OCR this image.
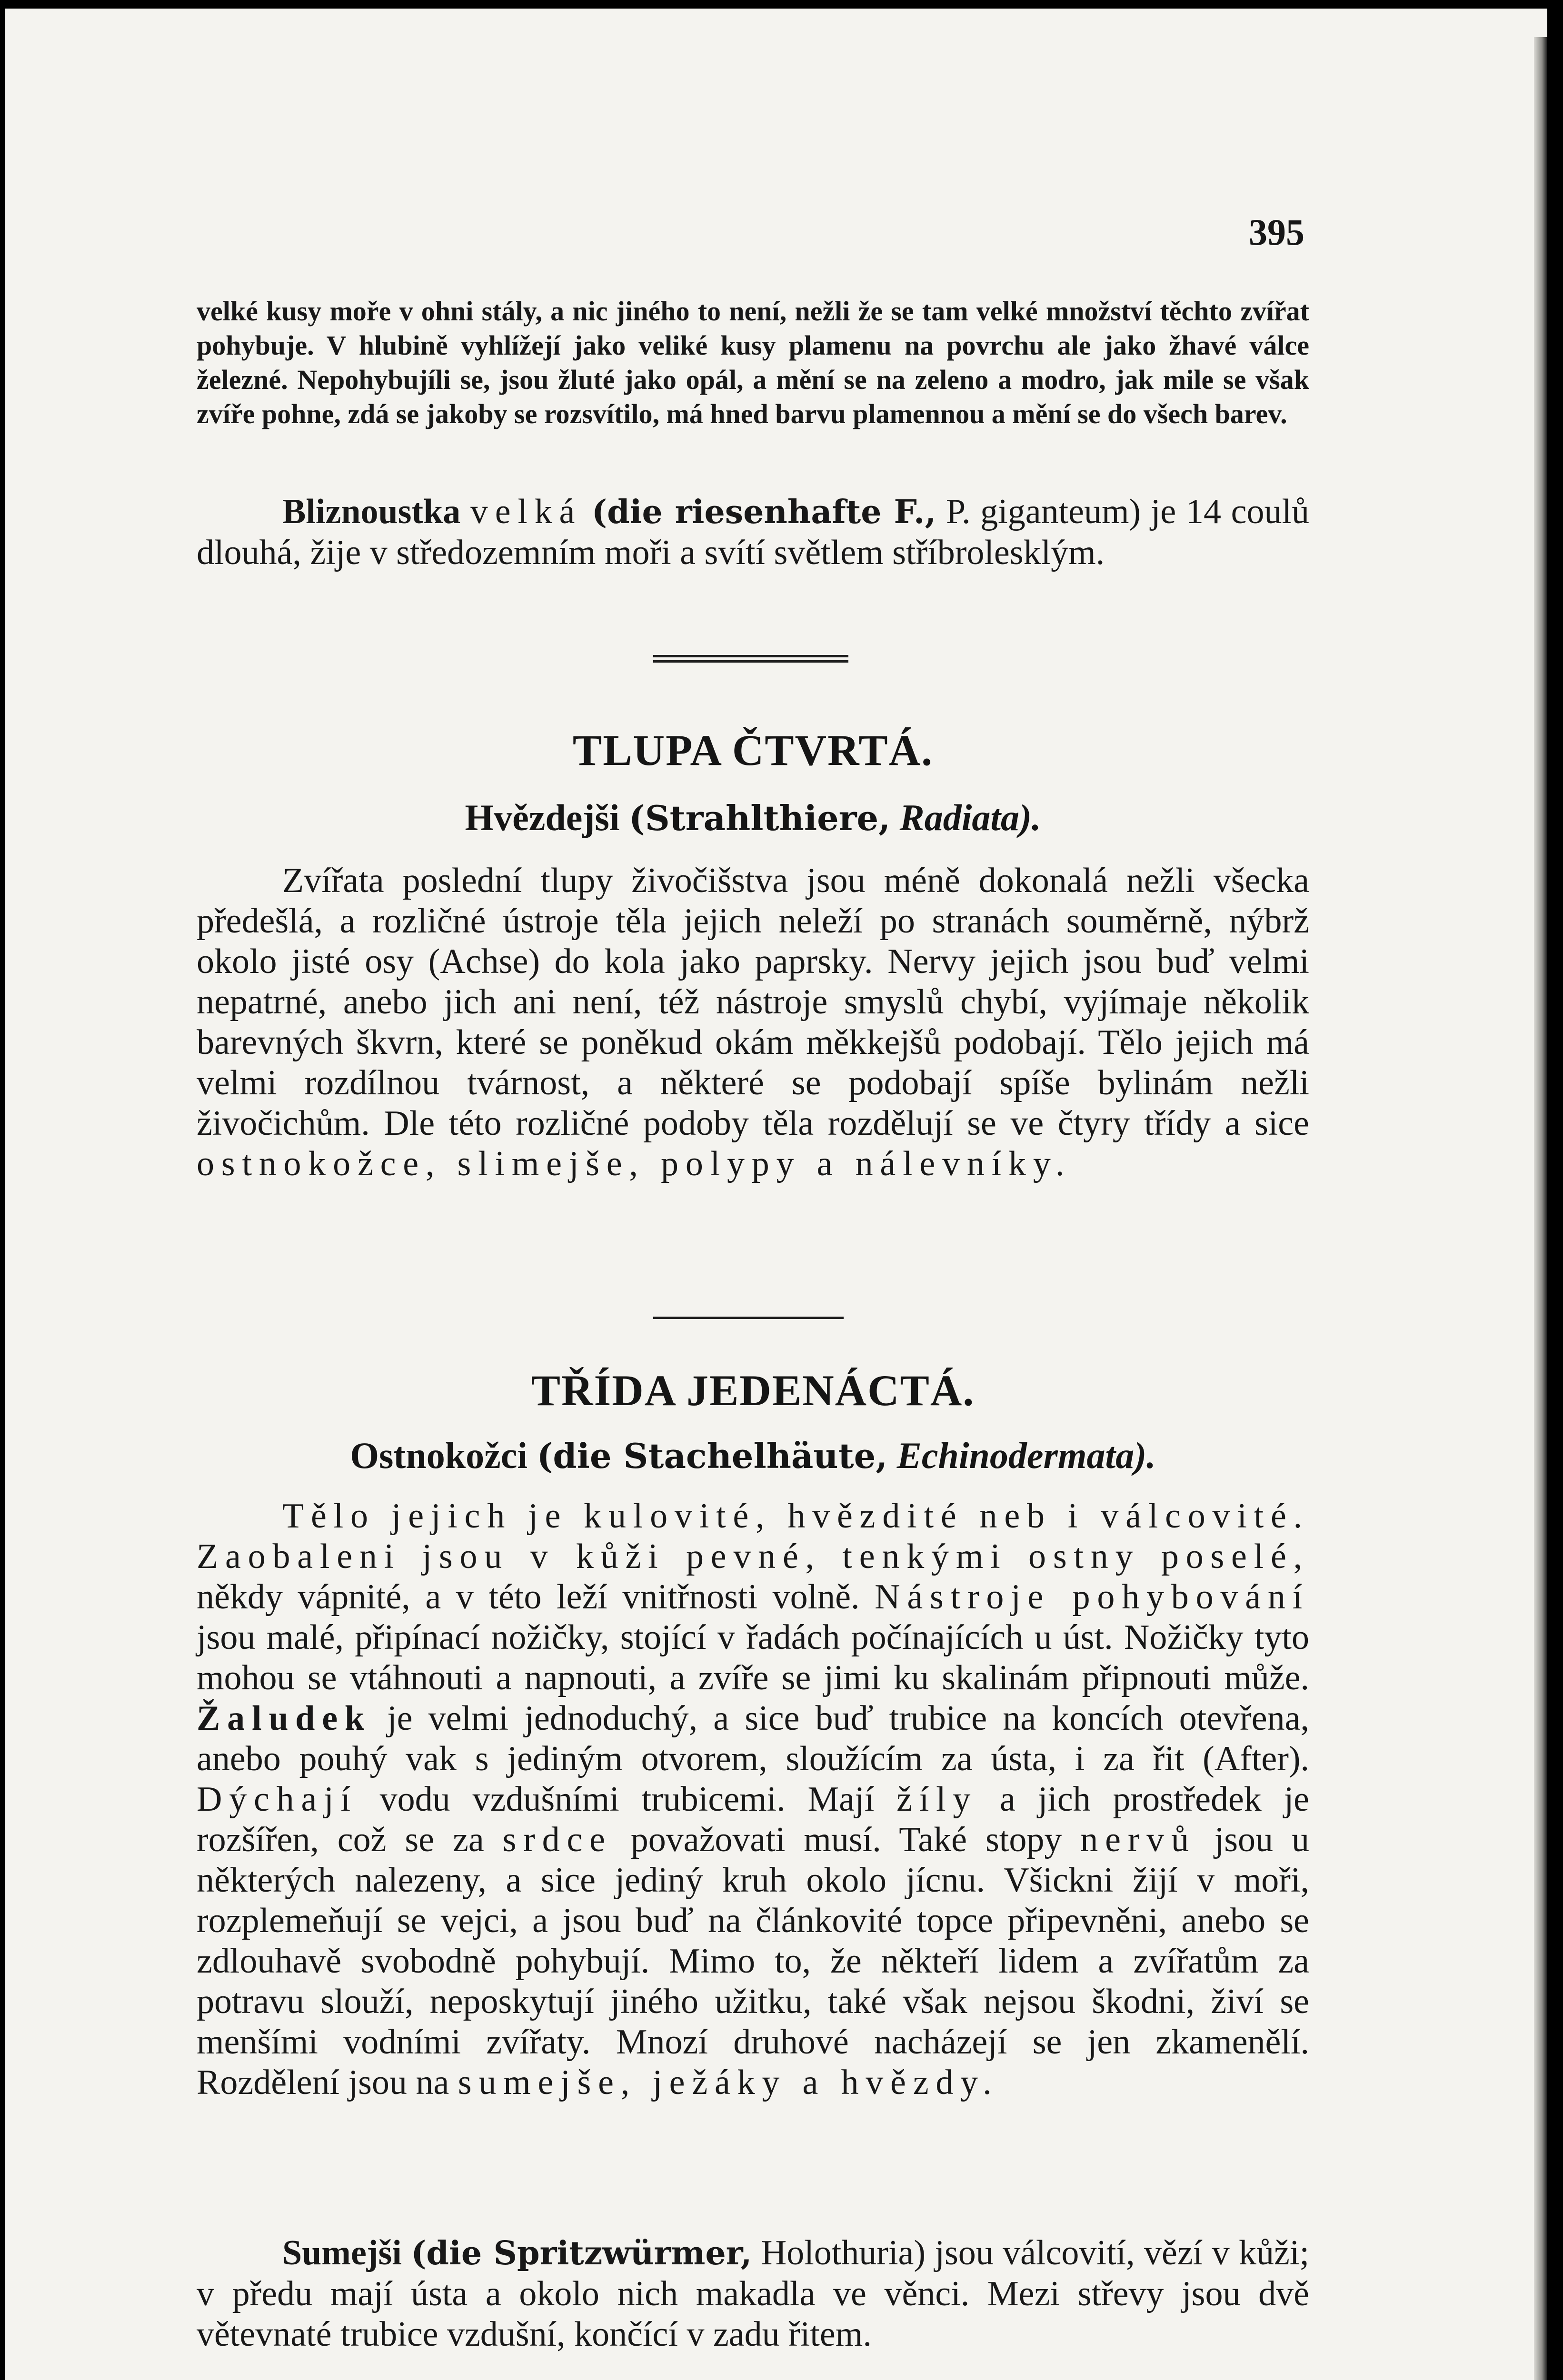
395

velké kusy moře v ohni stály, a nic jiného to není, nežli že se tam velké množství těchto zvířat pohybuje. V hlubině vyhlížejí jako veliké kusy plamenu na povrchu ale jako žhavé válce železné. Nepohybujíli se, jsou žluté jako opál, a mění se na zeleno a modro, jak mile se však zvíře pohne, zdá se jakoby se rozsvítilo, má hned barvu plamennou a mění se do všech barev.

Bliznoustka velká (die riesenhafte F., P. giganteum) je 14 coulů dlouhá, žije v středozemním moři a svítí světlem stříbrolesklým.

TLUPA ČTVRTÁ.
Hvězdejši (Strahlthiere, Radiata).

Zvířata poslední tlupy živočišstva jsou méně dokonalá nežli všecka předešlá, a rozličné ústroje těla jejich neleží po stranách souměrně, nýbrž okolo jisté osy (Achse) do kola jako paprsky. Nervy jejich jsou buď velmi nepatrné, anebo jich ani není, též nástroje smyslů chybí, vyjímaje několik barevných škvrn, které se poněkud okám měkkejšů podobají. Tělo jejich má velmi rozdílnou tvárnost, a některé se podobají spíše bylinám nežli živočichům. Dle této rozličné podoby těla rozdělují se ve čtyry třídy a sice ostnokožce, slimejše, polypy a nálevníky.

TŘÍDA JEDENÁCTÁ.
Ostnokožci (die Stachelhäute, Echinodermata).

Tělo jejich je kulovité, hvězdité neb i válcovité. Zaobaleni jsou v kůži pevné, tenkými ostny poselé, někdy vápnité, a v této leží vnitřnosti volně. Nástroje pohybování jsou malé, připínací nožičky, stojící v řadách počínajících u úst. Nožičky tyto mohou se vtáhnouti a napnouti, a zvíře se jimi ku skalinám připnouti může. Žaludek je velmi jednoduchý, a sice buď trubice na koncích otevřena, anebo pouhý vak s jediným otvorem, sloužícím za ústa, i za řit (After). Dýchají vodu vzdušními trubicemi. Mají žíly a jich prostředek je rozšířen, což se za srdce považovati musí. Také stopy nervů jsou u některých nalezeny, a sice jediný kruh okolo jícnu. Všickni žijí v moři, rozplemeňují se vejci, a jsou buď na článkovité topce připevněni, anebo se zdlouhavě svobodně pohybují. Mimo to, že někteří lidem a zvířatům za potravu slouží, neposkytují jiného užitku, také však nejsou škodni, živí se menšími vodními zvířaty. Mnozí druhové nacházejí se jen zkamenělí. Rozdělení jsou na sumejše, ježáky a hvězdy.

Sumejši (die Spritzwürmer, Holothuria) jsou válcovití, vězí v kůži; v předu mají ústa a okolo nich makadla ve věnci. Mezi střevy jsou dvě větevnaté trubice vzdušní, končící v zadu řitem.
